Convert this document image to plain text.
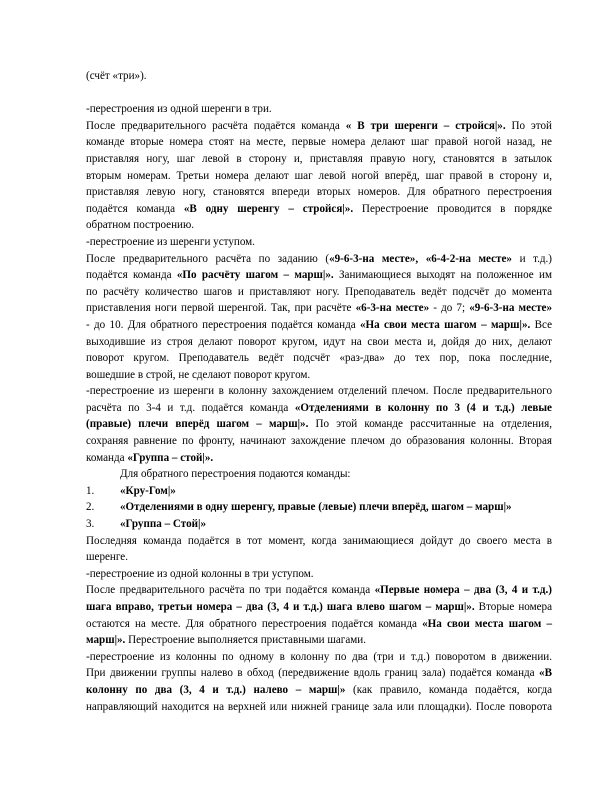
(счёт «три»).
-перестроения из одной шеренги в три.
После предварительного расчёта подаётся команда « В три шеренги – стройся|». По этой
команде вторые номера стоят на месте, первые номера делают шаг правой ногой назад, не
приставляя ногу, шаг левой в сторону и, приставляя правую ногу, становятся в затылок
вторым номерам. Третьи номера делают шаг левой ногой вперёд, шаг правой в сторону и,
приставляя левую ногу, становятся впереди вторых номеров. Для обратного перестроения
подаётся команда «В одну шеренгу – стройся|». Перестроение проводится в порядке
обратном построению.
-перестроение из шеренги уступом.
После предварительного расчёта по заданию («9-6-3-на месте», «6-4-2-на месте» и т.д.)
подаётся команда «По расчёту шагом – марш|». Занимающиеся выходят на положенное им
по расчёту количество шагов и приставляют ногу. Преподаватель ведёт подсчёт до момента
приставления ноги первой шеренгой. Так, при расчёте «6-3-на месте» - до 7; «9-6-3-на месте»
- до 10. Для обратного перестроения подаётся команда «На свои места шагом – марш|». Все
выходившие из строя делают поворот кругом, идут на свои места и, дойдя до них, делают
поворот кругом. Преподаватель ведёт подсчёт «раз-два» до тех пор, пока последние,
вошедшие в строй, не сделают поворот кругом.
-перестроение из шеренги в колонну захождением отделений плечом. После предварительного
расчёта по 3-4 и т.д. подаётся команда «Отделениями в колонну по 3 (4 и т.д.) левые
(правые) плечи вперёд шагом – марш|». По этой команде рассчитанные на отделения,
сохраняя равнение по фронту, начинают захождение плечом до образования колонны. Вторая
команда «Группа – стой|».
Для обратного перестроения подаются команды:
1. «Кру-Гом|»
2. «Отделениями в одну шеренгу, правые (левые) плечи вперёд, шагом – марш|»
3. «Группа – Стой|»
Последняя команда подаётся в тот момент, когда занимающиеся дойдут до своего места в
шеренге.
-перестроение из одной колонны в три уступом.
После предварительного расчёта по три подаётся команда «Первые номера – два (3, 4 и т.д.)
шага вправо, третьи номера – два (3, 4 и т.д.) шага влево шагом – марш|». Вторые номера
остаются на месте. Для обратного перестроения подаётся команда «На свои места шагом –
марш|». Перестроение выполняется приставными шагами.
-перестроение из колонны по одному в колонну по два (три и т.д.) поворотом в движении.
При движении группы налево в обход (передвижение вдоль границ зала) подаётся команда «В
колонну по два (3, 4 и т.д.) налево – марш|» (как правило, команда подаётся, когда
направляющий находится на верхней или нижней границе зала или площадки). После поворота
